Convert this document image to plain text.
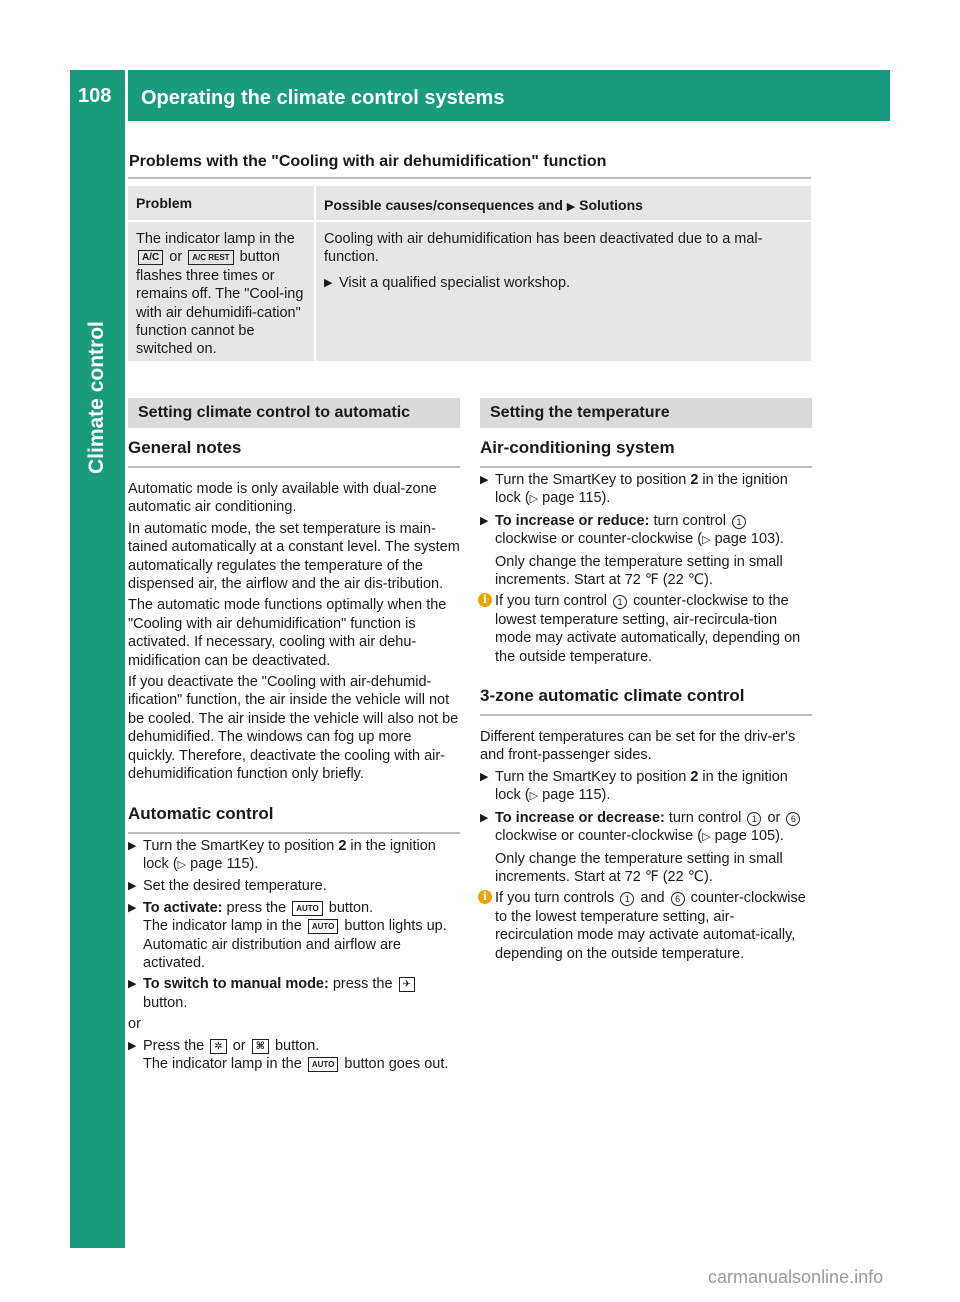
108 Operating the climate control systems
Climate control
Problems with the "Cooling with air dehumidification" function
Problem	Possible causes/consequences and ▶ Solutions
The indicator lamp in the A/C or A/C REST button flashes three times or remains off. The "Cool-ing with air dehumidifi-cation" function cannot be switched on.

Cooling with air dehumidification has been deactivated due to a mal-function.

▶ Visit a qualified specialist workshop.
Setting climate control to automatic
General notes

Automatic mode is only available with dual-zone automatic air conditioning.

In automatic mode, the set temperature is main-tained automatically at a constant level. The system automatically regulates the temperature of the dispensed air, the airflow and the air dis-tribution.

The automatic mode functions optimally when the "Cooling with air dehumidification" function is activated. If necessary, cooling with air dehu-midification can be deactivated.

If you deactivate the "Cooling with air-dehumid-ification" function, the air inside the vehicle will not be cooled. The air inside the vehicle will also not be dehumidified. The windows can fog up more quickly. Therefore, deactivate the cooling with air-dehumidification function only briefly.

Automatic control
▶ Turn the SmartKey to position 2 in the ignition lock (▷ page 115).
▶ Set the desired temperature.
▶ To activate: press the AUTO button.
The indicator lamp in the AUTO button lights up. Automatic air distribution and airflow are activated.
▶ To switch to manual mode: press the ✈
button.

or

▶ Press the ✲ or ⌘ button.
The indicator lamp in the AUTO button goes out.
Setting the temperature
Air-conditioning system
▶ Turn the SmartKey to position 2 in the ignition lock (▷ page 115).
▶ To increase or reduce: turn control 1 clockwise or counter-clockwise (▷ page 103).

Only change the temperature setting in small increments. Start at 72 ℉ (22 ℃).

i If you turn control 1 counter-clockwise to the lowest temperature setting, air-recircula-tion mode may activate automatically, depending on the outside temperature.
3-zone automatic climate control

Different temperatures can be set for the driv-er's and front-passenger sides.

▶ Turn the SmartKey to position 2 in the ignition lock (▷ page 115).
▶ To increase or decrease: turn control 1 or 6 clockwise or counter-clockwise (▷ page 105).

Only change the temperature setting in small increments. Start at 72 ℉ (22 ℃).

i If you turn controls 1 and 6 counter-clockwise to the lowest temperature setting, air-recirculation mode may activate automat-ically, depending on the outside temperature.
carmanualsonline.info
